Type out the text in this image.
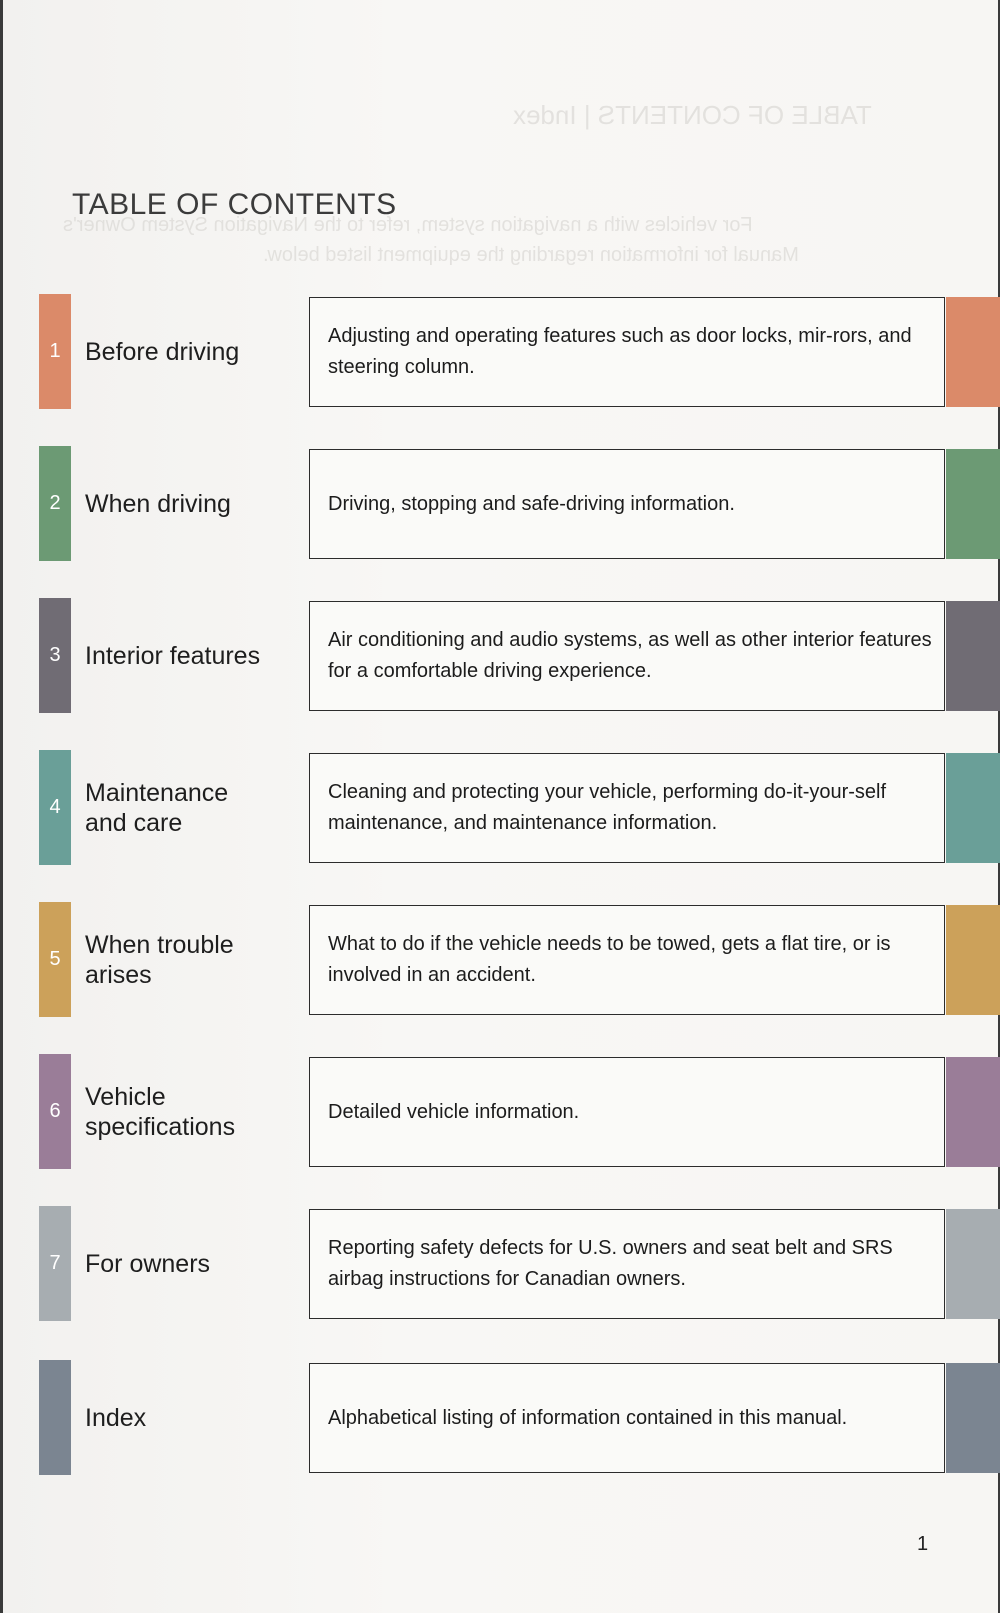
TABLE OF CONTENTS | Index
For vehicles with a navigation system, refer to the Navigation System Owner's
Manual for information regarding the equipment listed below.
TABLE OF CONTENTS
1 Before driving
Adjusting and operating features such as door locks, mir-rors, and steering column.
2 When driving	Driving, stopping and safe-driving information.
3 Interior features
Air conditioning and audio systems, as well as other interior features for a comfortable driving experience.
4
Maintenance and care
Cleaning and protecting your vehicle, performing do-it-your-self maintenance, and maintenance information.
5
When trouble arises
What to do if the vehicle needs to be towed, gets a flat tire, or is involved in an accident.
6
Vehicle specifications
Detailed vehicle information.
7 For owners
Reporting safety defects for U.S. owners and seat belt and SRS airbag instructions for Canadian owners.
Index	Alphabetical listing of information contained in this manual.
1
